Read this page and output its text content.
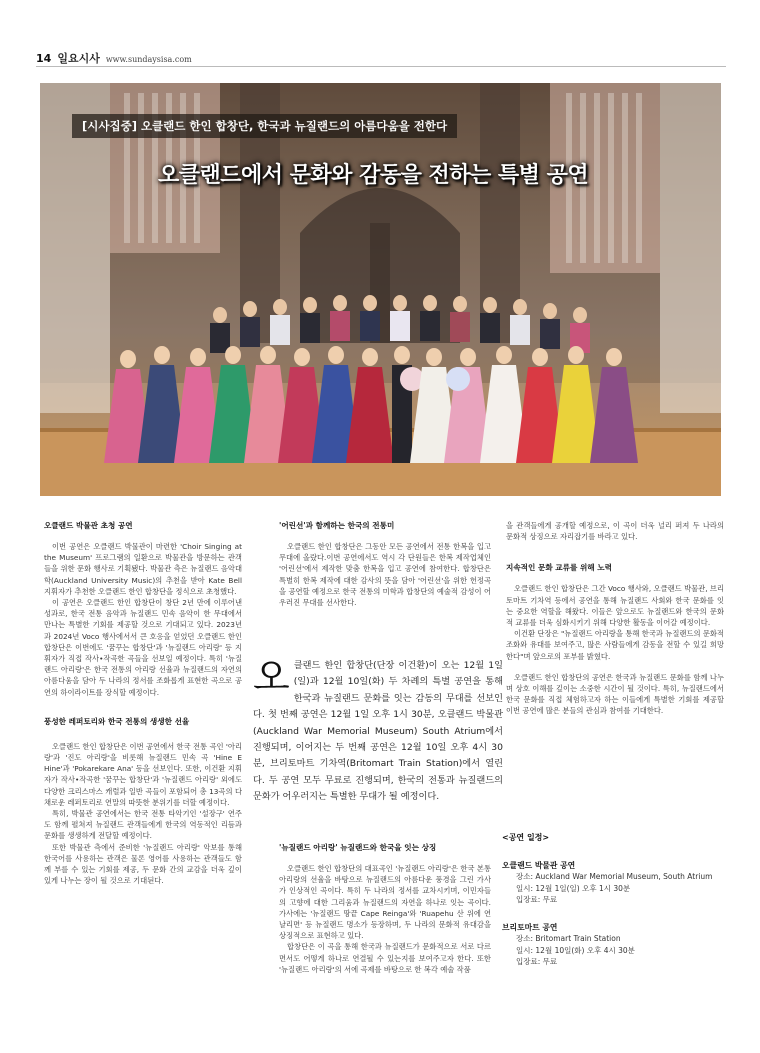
14 일요시사 www.sundaysisa.com
[시사집중] 오클랜드 한인 합창단, 한국과 뉴질랜드의 아름다움을 전한다
오클랜드에서 문화와 감동을 전하는 특별 공연
오클랜드 박물관 초청 공연

이번 공연은 오클랜드 박물관이 마련한 'Choir Singing at the Museum' 프로그램의 일환으로 박물관을 방문하는 관객들을 위한 문화 행사로 기획됐다. 박물관 측은 뉴질랜드 음악대학(Auckland University Music)의 추천을 받아 Kate Bell 지휘자가 추천한 오클랜드 한인 합창단을 정식으로 초청했다.

이 공연은 오클랜드 한인 합창단이 창단 2년 만에 이루어낸 성과로, 한국 전통 음악과 뉴질랜드 민속 음악이 한 무대에서 만나는 특별한 기회를 제공할 것으로 기대되고 있다. 2023년과 2024년 Voco 행사에서서 큰 호응을 얻었던 오클랜드 한인 합창단은 이번에도 '꿈꾸는 합창단'과 '뉴질랜드 아리랑' 등 지휘자가 직접 작사•작곡한 곡들을 선보일 예정이다. 특히 '뉴질랜드 아리랑'은 한국 전통의 아리랑 선율과 뉴질랜드의 자연의 아름다움을 담아 두 나라의 정서를 조화롭게 표현한 곡으로 공연의 하이라이트를 장식할 예정이다.

풍성한 레퍼토리와 한국 전통의 생생한 선율

오클랜드 한인 합창단은 이번 공연에서 한국 전통 곡인 '아리랑'과 '진도 아리랑'을 비롯해 뉴질랜드 민속 곡 'Hine E Hine'과 'Pokarekare Ana' 등을 선보인다. 또한, 이건환 지휘자가 작사•작곡한 '꿈꾸는 합창단'과 '뉴질랜드 아리랑' 외에도 다양한 크리스마스 캐럴과 일반 곡들이 포함되어 총 13곡의 다채로운 레퍼토리로 연말의 따뜻한 분위기를 더할 예정이다.

특히, 박물관 공연에서는 한국 전통 타악기인 '설장구' 연주도 함께 펼쳐져 뉴질랜드 관객들에게 한국의 역동적인 리듬과 문화를 생생하게 전달할 예정이다.

또한 박물관 측에서 준비한 '뉴질랜드 아리랑' 악보를 통해 한국어를 사용하는 관객은 물론 영어를 사용하는 관객들도 함께 부를 수 있는 기회를 제공, 두 문화 간의 교감을 더욱 깊이 있게 나누는 장이 될 것으로 기대된다.

'어린선'과 함께하는 한국의 전통미

오클랜드 한인 합창단은 그동안 모든 공연에서 전통 한복을 입고 무대에 올랐다.이번 공연에서도 역시 각 단원들은 한복 제작업체인 '어린선'에서 제작한 맞춤 한복을 입고 공연에 참여한다. 합창단은 특별히 한복 제작에 대한 감사의 뜻을 담아 '어린선'을 위한 헌정곡을 공연할 예정으로 한국 전통의 미학과 합창단의 예술적 감성이 어우러진 무대를 선사한다.

오 클랜드 한인 합창단(단장 이건환)이 오는 12월 1일(일)과 12월 10일(화) 두 차례의 특별 공연을 통해 한국과 뉴질랜드 문화를 잇는 감동의 무대를 선보인다. 첫 번째 공연은 12월 1일 오후 1시 30분, 오클랜드 박물관(Auckland War Memorial Museum) South Atrium에서 진행되며, 이어지는 두 번째 공연은 12월 10일 오후 4시 30분, 브리토마트 기차역(Britomart Train Station)에서 열린다. 두 공연 모두 무료로 진행되며, 한국의 전통과 뉴질랜드의 문화가 어우러지는 특별한 무대가 될 예정이다.
'뉴질랜드 아리랑' 뉴질랜드와 한국을 잇는 상징

오클랜드 한인 합창단의 대표곡인 '뉴질랜드 아리랑'은 한국 본통 아리랑의 선율을 바탕으로 뉴질랜드의 아름다운 풍경을 그린 가사가 인상적인 곡이다. 특히 두 나라의 정서를 교차시키며, 이민자들의 고향에 대한 그리움과 뉴질랜드의 자연을 하나로 잇는 곡이다. 가사에는 '뉴질랜드 땅끝 Cape Reinga'와 'Ruapehu 산 위에 연 날리면' 등 뉴질랜드 명소가 등장하며, 두 나라의 문화적 유대감을 상징적으로 표현하고 있다.

합창단은 이 곡을 통해 한국과 뉴질랜드가 문화적으로 서로 다르면서도 어떻게 하나로 연결될 수 있는지를 보여주고자 한다. 또한 '뉴질랜드 아리랑'의 서에 곡제를 바탕으로 한 복각 예술 작품

을 관객들에게 공개할 예정으로, 이 곡이 더욱 널리 퍼져 두 나라의 문화적 상징으로 자리잡기를 바라고 있다.

지속적인 문화 교류를 위해 노력

오클랜드 한인 합창단은 그간 Voco 행사와, 오클랜드 박물관, 브리토마트 기차역 등에서 공연을 통해 뉴질랜드 사회와 한국 문화를 잇는 중요한 역할을 해왔다. 이들은 앞으로도 뉴질랜드와 한국의 문화적 교류를 더욱 심화시키기 위해 다양한 활동을 이어갈 예정이다.

이건환 단장은 "뉴질랜드 아리랑을 통해 한국과 뉴질랜드의 문화적 조화와 유대를 보여주고, 많은 사람들에게 감동을 전할 수 있길 희망한다"며 앞으로의 포부를 밝혔다.

오클랜드 한인 합창단의 공연은 한국과 뉴질랜드 문화를 함께 나누며 상호 이해를 깊이는 소중한 시간이 될 것이다. 특히, 뉴질랜드에서 한국 문화를 직접 체험하고자 하는 이들에게 특별한 기회를 제공할 이번 공연에 많은 분들의 관심과 참여를 기대한다.

<공연 일정>
오클랜드 박물관 공연
장소: Auckland War Memorial Museum, South Atrium
일시: 12월 1일(일) 오후 1시 30분
입장료: 무료
브리토마트 공연
장소: Britomart Train Station
일시: 12월 10일(화) 오후 4시 30분
입장료: 무료
